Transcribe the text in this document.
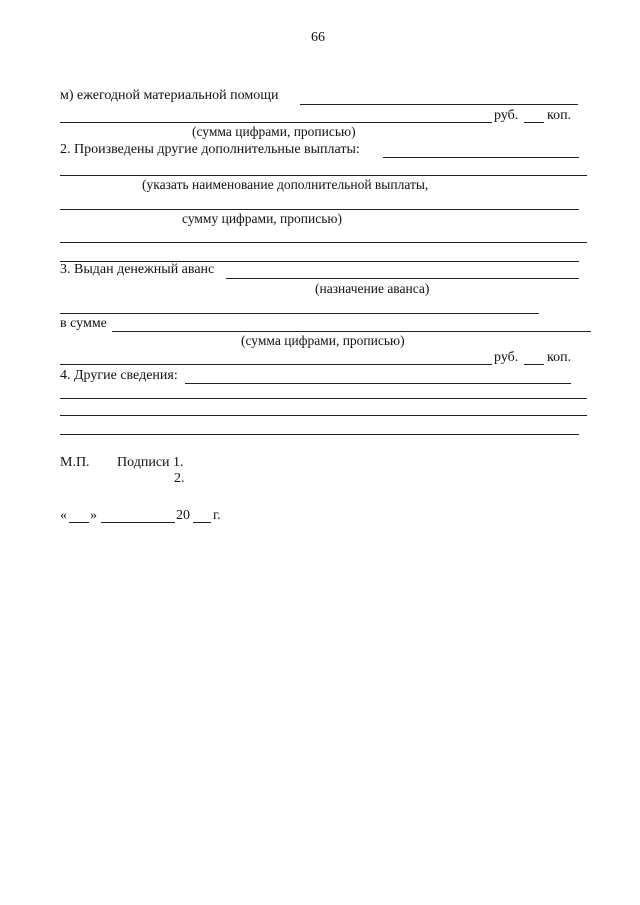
66
м) ежегодной материальной помощи
руб. коп.
(сумма цифрами, прописью)
2. Произведены другие дополнительные выплаты:
(указать наименование дополнительной выплаты,
сумму цифрами, прописью)
3. Выдан денежный аванс
(назначение аванса)
в сумме
(сумма цифрами, прописью)
руб. коп.
4. Другие сведения:
М.П. Подписи 1.
2.
« »	20 г.
